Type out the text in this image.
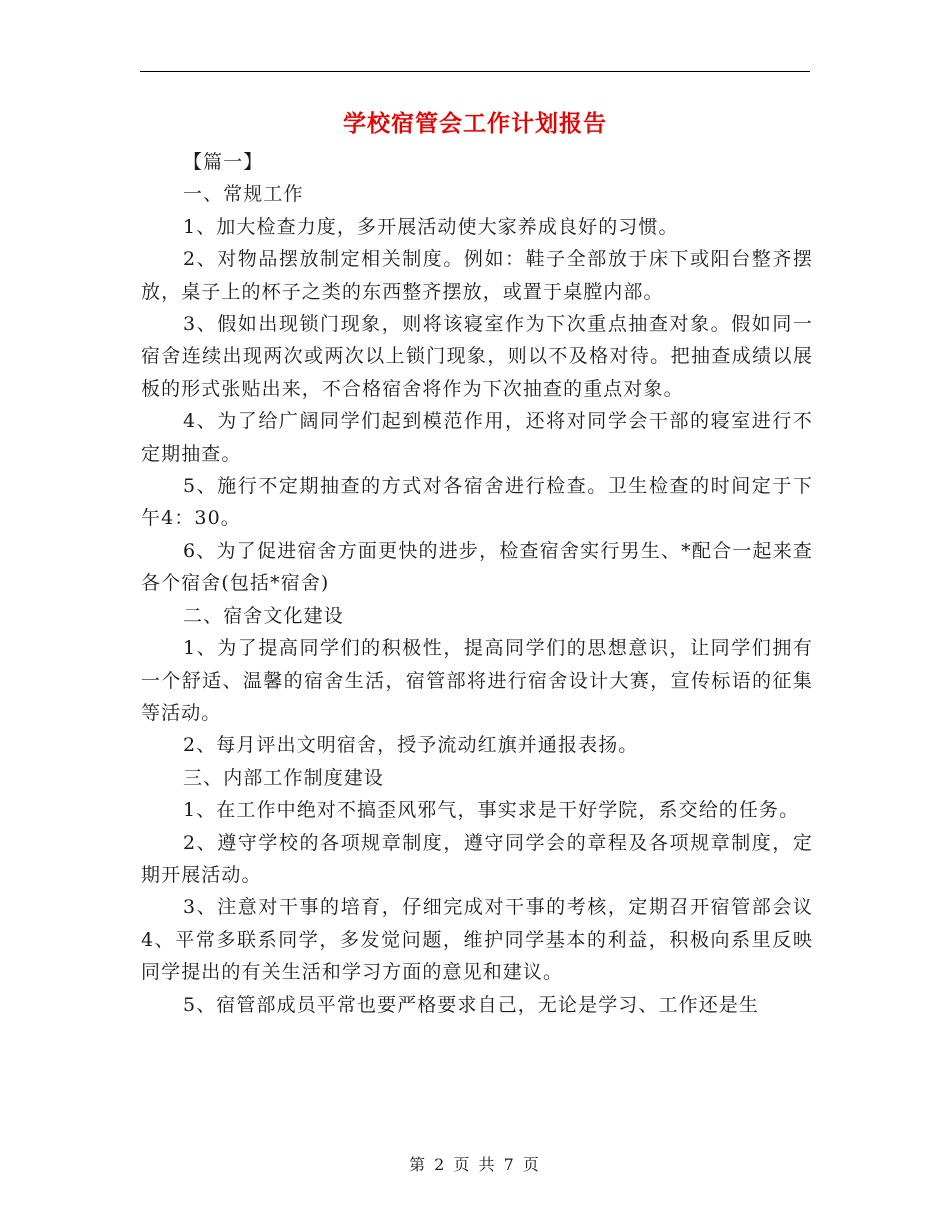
学校宿管会工作计划报告

【篇一】

一、常规工作

1、加大检查力度，多开展活动使大家养成良好的习惯。

2、对物品摆放制定相关制度。例如：鞋子全部放于床下或阳台整齐摆放，桌子上的杯子之类的东西整齐摆放，或置于桌膛内部。

3、假如出现锁门现象，则将该寝室作为下次重点抽查对象。假如同一宿舍连续出现两次或两次以上锁门现象，则以不及格对待。把抽查成绩以展板的形式张贴出来，不合格宿舍将作为下次抽查的重点对象。

4、为了给广阔同学们起到模范作用，还将对同学会干部的寝室进行不定期抽查。

5、施行不定期抽查的方式对各宿舍进行检查。卫生检查的时间定于下午4：30。

6、为了促进宿舍方面更快的进步，检查宿舍实行男生、*配合一起来查各个宿舍(包括*宿舍)

二、宿舍文化建设

1、为了提高同学们的积极性，提高同学们的思想意识，让同学们拥有一个舒适、温馨的宿舍生活，宿管部将进行宿舍设计大赛，宣传标语的征集等活动。

2、每月评出文明宿舍，授予流动红旗并通报表扬。

三、内部工作制度建设

1、在工作中绝对不搞歪风邪气，事实求是干好学院，系交给的任务。

2、遵守学校的各项规章制度，遵守同学会的章程及各项规章制度，定期开展活动。

3、注意对干事的培育，仔细完成对干事的考核，定期召开宿管部会议4、平常多联系同学，多发觉问题，维护同学基本的利益，积极向系里反映同学提出的有关生活和学习方面的意见和建议。

5、宿管部成员平常也要严格要求自己，无论是学习、工作还是生

第 2 页 共 7 页
